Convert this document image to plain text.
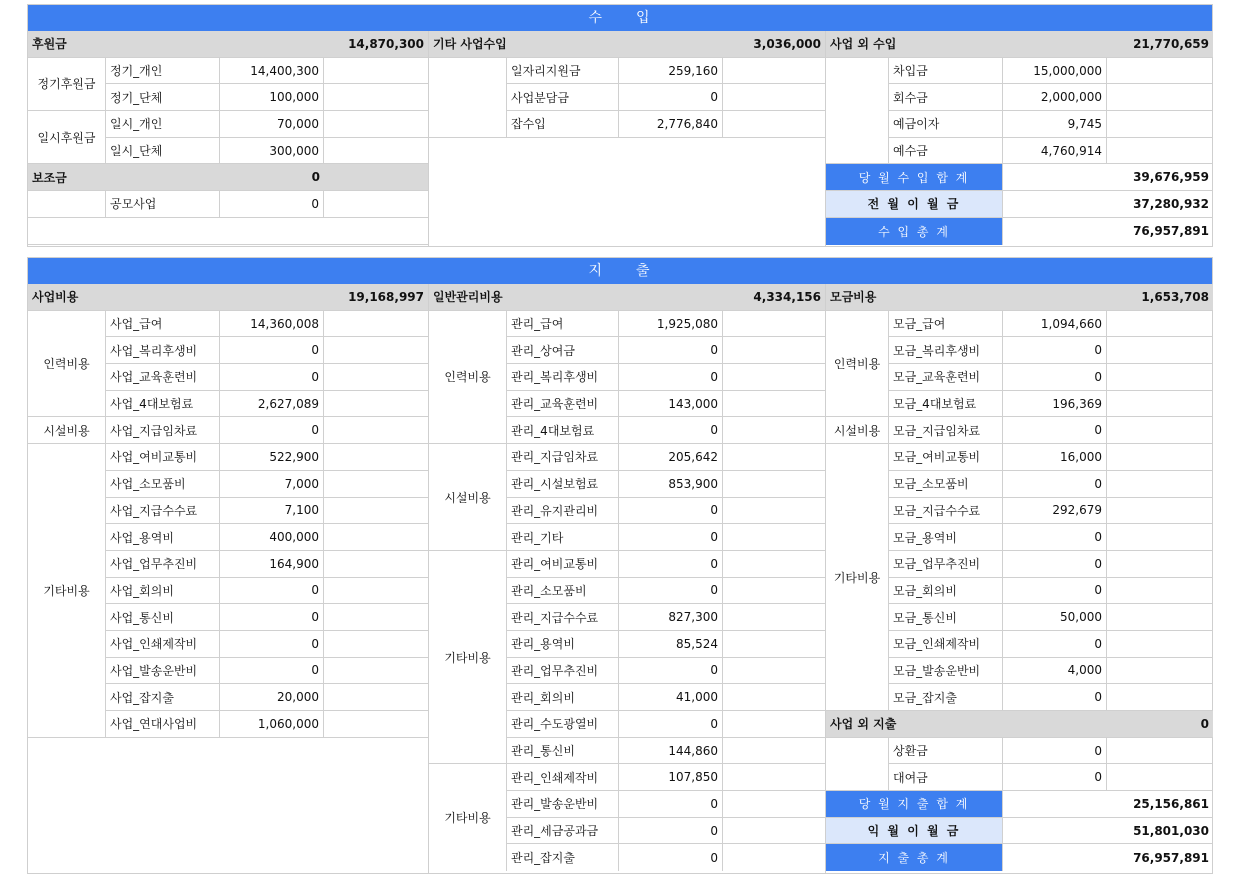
수　　입
후원금	14,870,300
정기후원금
정기_개인	14,400,300
정기_단체	100,000
일시후원금
일시_개인	70,000
일시_단체	300,000
보조금	0
공모사업	0
기타 사업수입	3,036,000
일자리지원금	259,160
사업분담금	0
잡수입	2,776,840
사업 외 수입	21,770,659
차입금	15,000,000
회수금	2,000,000
예금이자	9,745
예수금	4,760,914
당 월 수 입 합 계	39,676,959
전 월 이 월 금	37,280,932
수 입 총 계	76,957,891
지　　출
사업비용	19,168,997
인력비용
사업_급여	14,360,008
사업_복리후생비	0
사업_교육훈련비	0
사업_4대보험료	2,627,089
시설비용	사업_지급임차료	0
기타비용
사업_여비교통비	522,900
사업_소모품비	7,000
사업_지급수수료	7,100
사업_용역비	400,000
사업_업무추진비	164,900
사업_회의비	0
사업_통신비	0
사업_인쇄제작비	0
사업_발송운반비	0
사업_잡지출	20,000
사업_연대사업비	1,060,000
일반관리비용	4,334,156
인력비용
관리_급여	1,925,080
관리_상여금	0
관리_복리후생비	0
관리_교육훈련비	143,000
관리_4대보험료	0
시설비용
관리_지급임차료	205,642
관리_시설보험료	853,900
관리_유지관리비	0
관리_기타	0
기타비용
관리_여비교통비	0
관리_소모품비	0
관리_지급수수료	827,300
관리_용역비	85,524
관리_업무추진비	0
관리_회의비	41,000
관리_수도광열비	0
관리_통신비	144,860
기타비용
관리_인쇄제작비	107,850
관리_발송운반비	0
관리_세금공과금	0
관리_잡지출	0
모금비용	1,653,708
인력비용
모금_급여	1,094,660
모금_복리후생비	0
모금_교육훈련비	0
모금_4대보험료	196,369
시설비용	모금_지급임차료	0
기타비용
모금_여비교통비	16,000
모금_소모품비	0
모금_지급수수료	292,679
모금_용역비	0
모금_업무추진비	0
모금_회의비	0
모금_통신비	50,000
모금_인쇄제작비	0
모금_발송운반비	4,000
모금_잡지출	0
사업 외 지출	0
상환금	0
대여금	0
당 월 지 출 합 계	25,156,861
익 월 이 월 금	51,801,030
지 출 총 계	76,957,891
